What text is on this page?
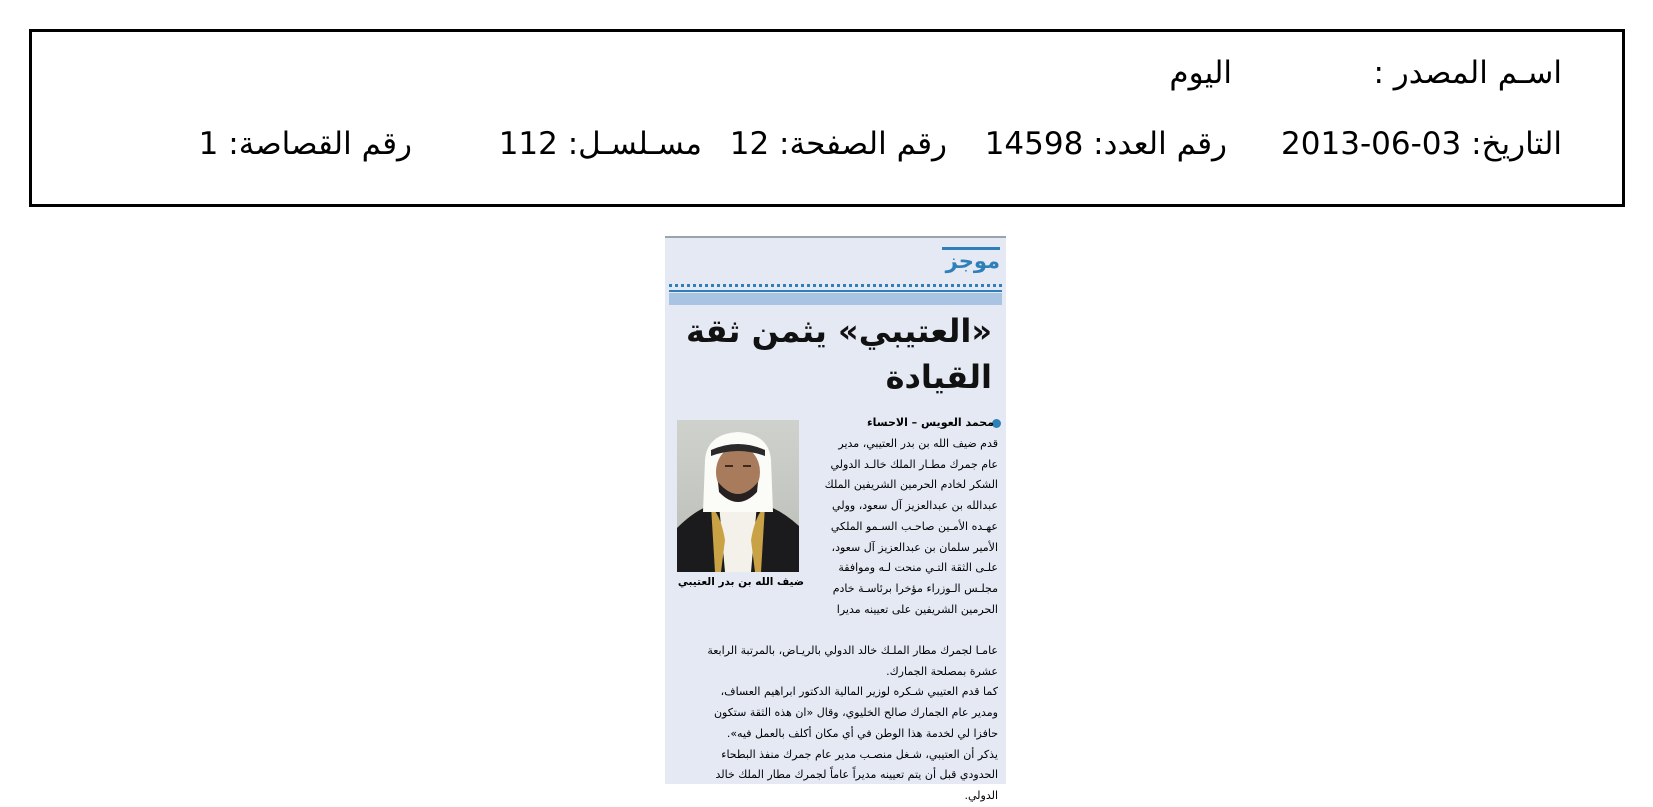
اسـم المصدر :
اليوم
التاريخ: 03-06-2013
رقم العدد: 14598
رقم الصفحة: 12
مسـلسـل: 112
رقم القصاصة: 1
موجز
«العتيبي» يثمن ثقة
القيادة
محمد العويس – الاحساء
ضيف الله بن بدر العتيبي
قدم ضيف الله بن بدر العتيبي، مدير
عام جمرك مطـار الملك خالـد الدولي
الشكر لخادم الحرمين الشريفين الملك
عبدالله بن عبدالعزيز آل سعود، وولي
عهـده الأمـين صاحـب السـمو الملكي
الأمير سلمان بن عبدالعزيز آل سعود،
علـى الثقة التـي منحت لـه وموافقة
مجلـس الـوزراء مؤخرا برئاسـة خادم
الحرمين الشريفين على تعيينه مديرا
عامـا لجمرك مطار الملـك خالد الدولي بالريـاض، بالمرتبة الرابعة
عشرة بمصلحة الجمارك.
كما قدم العتيبي شـكره لوزير المالية الدكتور ابراهيم العساف،
ومدير عام الجمارك صالح الخليوي، وقال «ان هذه الثقة ستكون
حافزا لي لخدمة هذا الوطن في أي مكان أكلف بالعمل فيه».
يذكر أن العتيبي، شـغل منصـب مدير عام جمرك منفذ البطحاء
الحدودي قبل أن يتم تعيينه مديراً عاماً لجمرك مطار الملك خالد
الدولي.
